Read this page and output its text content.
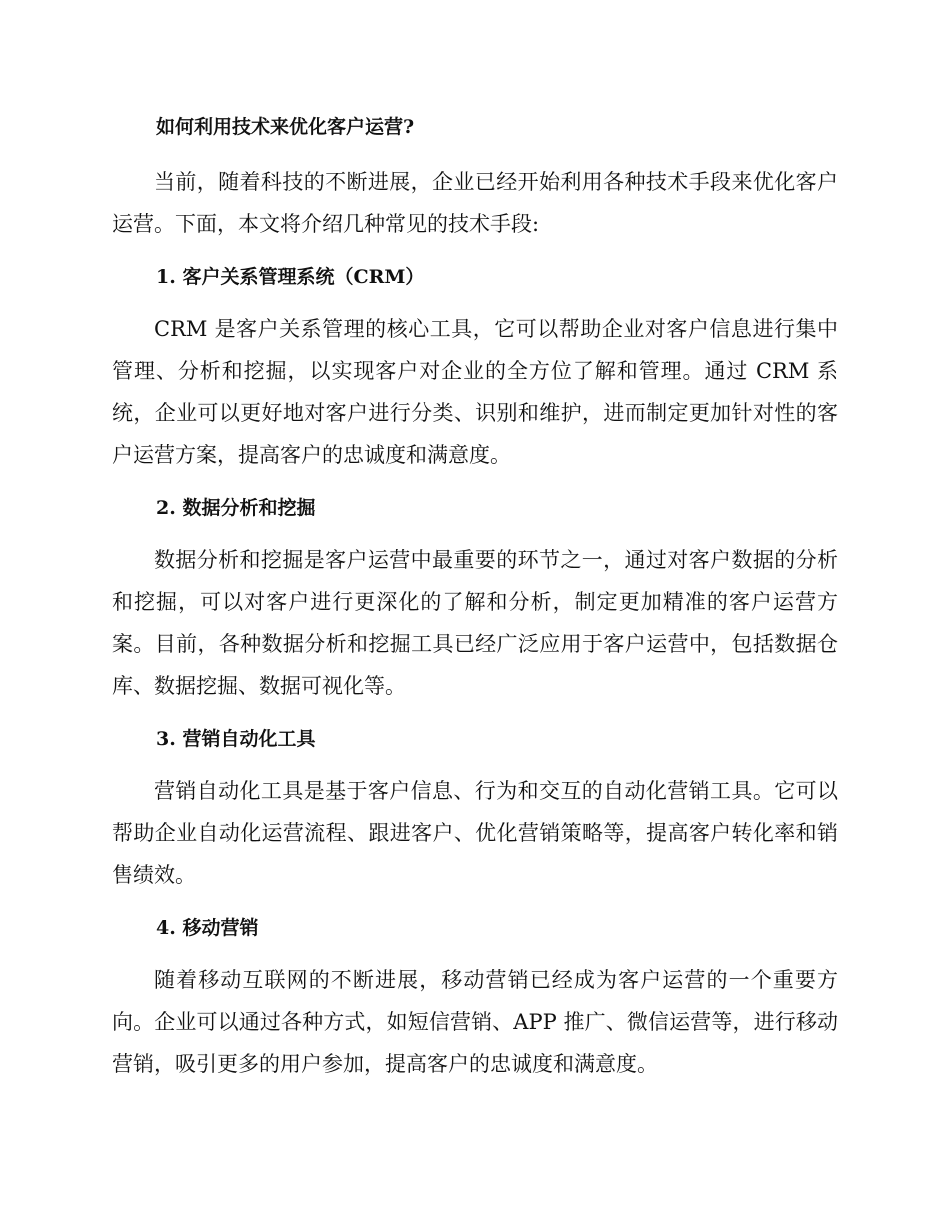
如何利用技术来优化客户运营?

当前，随着科技的不断进展，企业已经开始利用各种技术手段来优化客户运营。下面，本文将介绍几种常见的技术手段:

1. 客户关系管理系统（CRM）

CRM 是客户关系管理的核心工具，它可以帮助企业对客户信息进行集中管理、分析和挖掘，以实现客户对企业的全方位了解和管理。通过 CRM 系统，企业可以更好地对客户进行分类、识别和维护，进而制定更加针对性的客户运营方案，提高客户的忠诚度和满意度。

2. 数据分析和挖掘

数据分析和挖掘是客户运营中最重要的环节之一，通过对客户数据的分析和挖掘，可以对客户进行更深化的了解和分析，制定更加精准的客户运营方案。目前，各种数据分析和挖掘工具已经广泛应用于客户运营中，包括数据仓库、数据挖掘、数据可视化等。

3. 营销自动化工具

营销自动化工具是基于客户信息、行为和交互的自动化营销工具。它可以帮助企业自动化运营流程、跟进客户、优化营销策略等，提高客户转化率和销售绩效。

4. 移动营销

随着移动互联网的不断进展，移动营销已经成为客户运营的一个重要方向。企业可以通过各种方式，如短信营销、APP 推广、微信运营等，进行移动营销，吸引更多的用户参加，提高客户的忠诚度和满意度。
